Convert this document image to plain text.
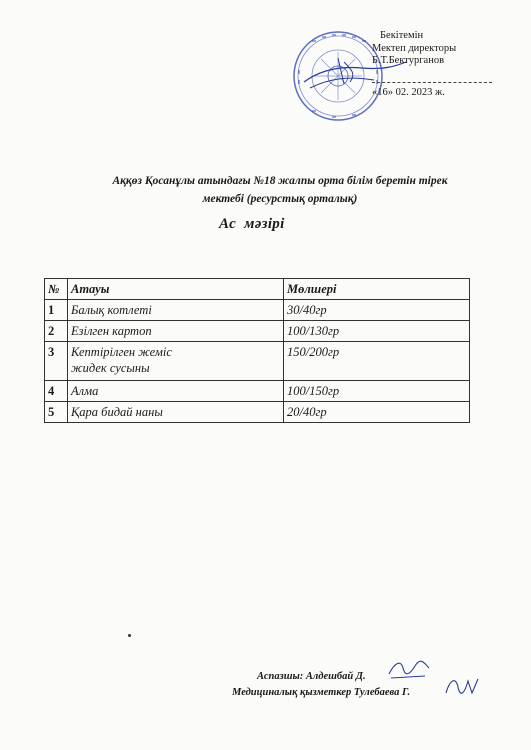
Бекітемін
Мектеп директоры
Б.Т.Бектурганов
«16» 02. 2023 ж.
Аққөз Қосанұлы атындағы №18 жалпы орта білім беретін тірек
мектебі (ресурстық орталық)
Ас  мәзірі
№	Атауы	Мөлшері
1	Балық котлеті	30/40гр
2	Езілген картоп	100/130гр
3	Кептірілген жеміс
жидек сусыны	150/200гр
4	Алма	100/150гр
5	Қара бидай наны	20/40гр
Аспазшы: Алдешбай Д.
Медициналық қызметкер Тулебаева Г.
